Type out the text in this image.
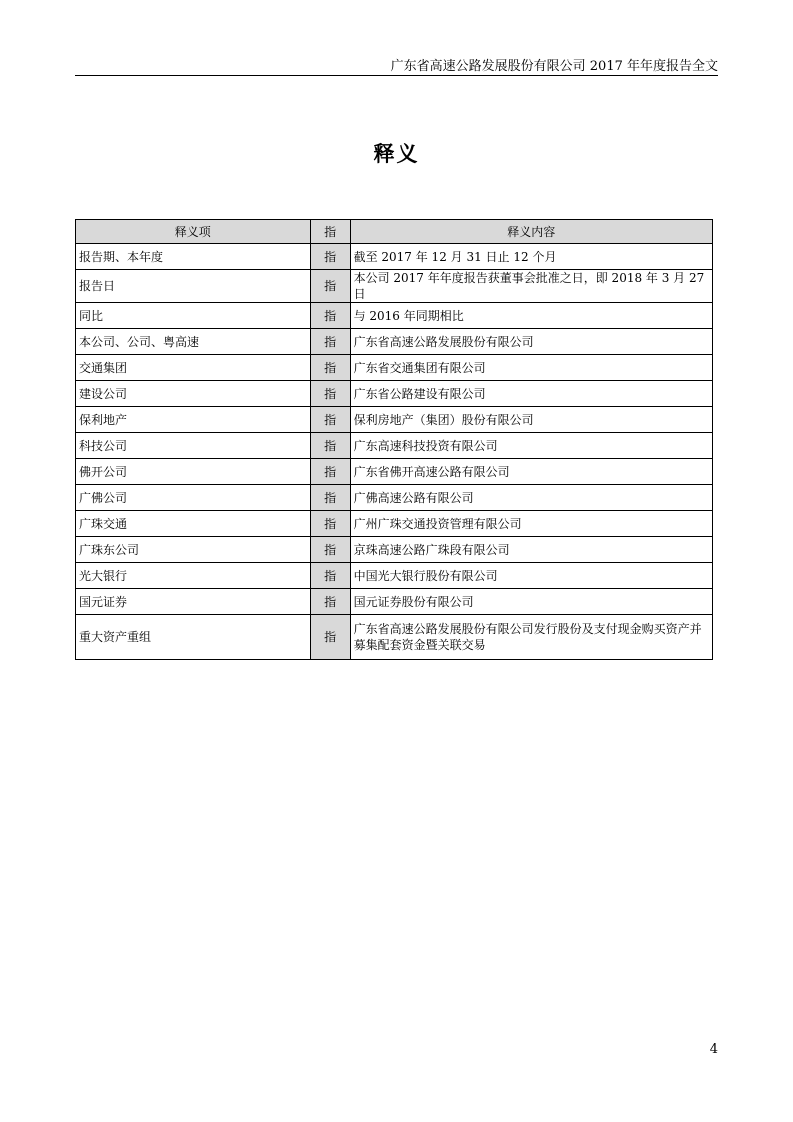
广东省高速公路发展股份有限公司 2017 年年度报告全文
释义
释义项	指	释义内容
报告期、本年度	指	截至 2017 年 12 月 31 日止 12 个月
报告日	指	本公司 2017 年年度报告获董事会批准之日，即 2018 年 3 月 27 日
同比	指	与 2016 年同期相比
本公司、公司、粤高速	指	广东省高速公路发展股份有限公司
交通集团	指	广东省交通集团有限公司
建设公司	指	广东省公路建设有限公司
保利地产	指	保利房地产（集团）股份有限公司
科技公司	指	广东高速科技投资有限公司
佛开公司	指	广东省佛开高速公路有限公司
广佛公司	指	广佛高速公路有限公司
广珠交通	指	广州广珠交通投资管理有限公司
广珠东公司	指	京珠高速公路广珠段有限公司
光大银行	指	中国光大银行股份有限公司
国元证券	指	国元证券股份有限公司
重大资产重组	指	广东省高速公路发展股份有限公司发行股份及支付现金购买资产并募集配套资金暨关联交易
4
